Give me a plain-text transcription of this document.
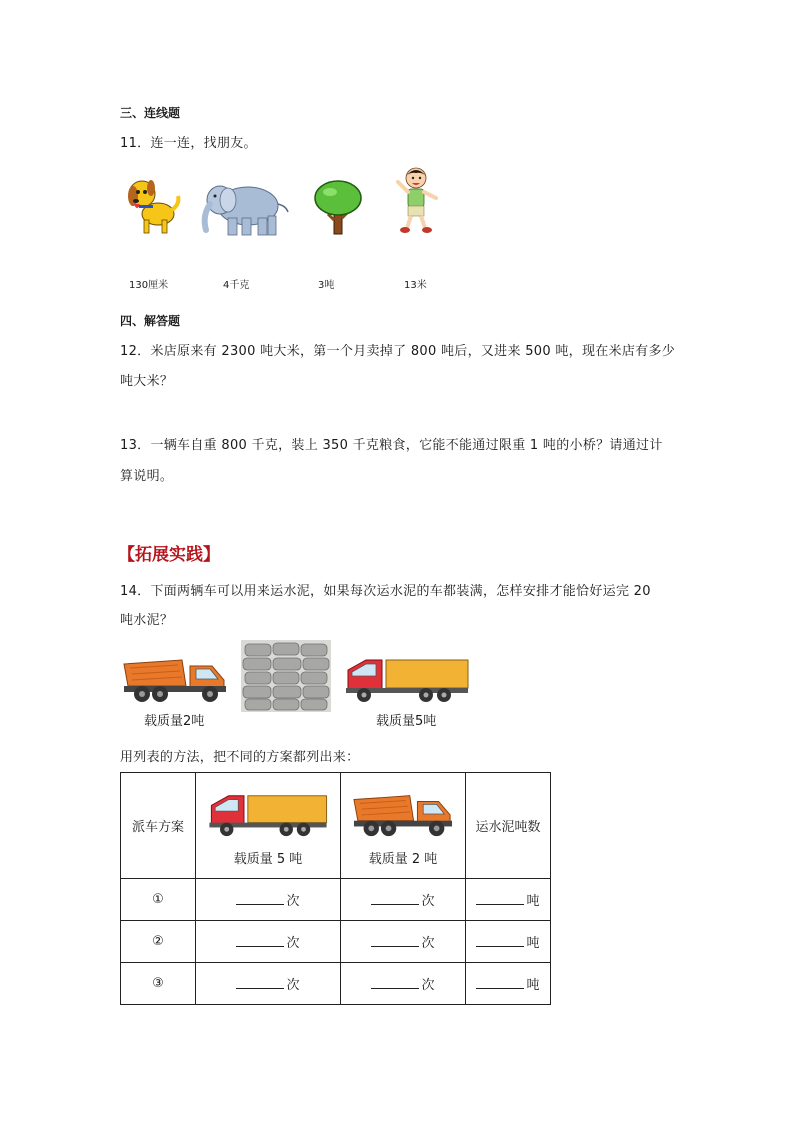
三、连线题
11．连一连，找朋友。
130厘米	4千克	3吨	13米
四、解答题
12．米店原来有 2300 吨大米，第一个月卖掉了 800 吨后，又进来 500 吨，现在米店有多少
吨大米？
13．一辆车自重 800 千克，装上 350 千克粮食，它能不能通过限重 1 吨的小桥？请通过计
算说明。
【拓展实践】
14．下面两辆车可以用来运水泥，如果每次运水泥的车都装满，怎样安排才能恰好运完 20
吨水泥？
载质量2吨	载质量5吨
用列表的方法，把不同的方案都列出来：
派车方案	载质量 5 吨	载质量 2 吨	运水泥吨数
①	次	次	吨
②	次	次	吨
③	次	次	吨
